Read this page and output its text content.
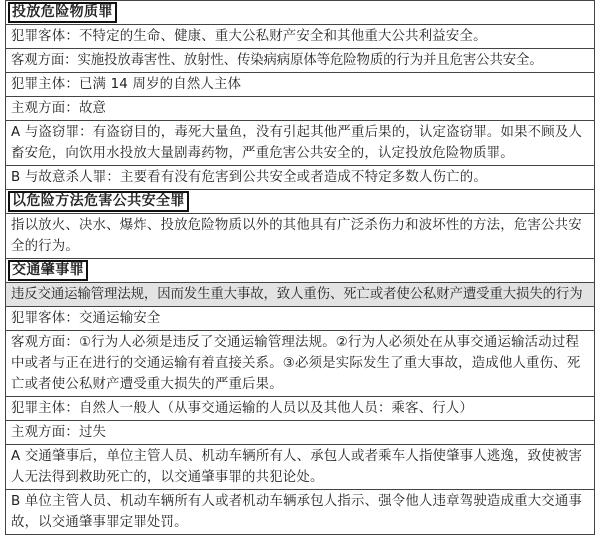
投放危险物质罪
犯罪客体：不特定的生命、健康、重大公私财产安全和其他重大公共利益安全。
客观方面：实施投放毒害性、放射性、传染病病原体等危险物质的行为并且危害公共安全。
犯罪主体：已满 14 周岁的自然人主体
主观方面：故意
A 与盗窃罪：有盗窃目的，毒死大量鱼，没有引起其他严重后果的，认定盗窃罪。如果不顾及人畜安危，向饮用水投放大量剧毒药物，严重危害公共安全的，认定投放危险物质罪。
B 与故意杀人罪：主要看有没有危害到公共安全或者造成不特定多数人伤亡的。
以危险方法危害公共安全罪
指以放火、决水、爆炸、投放危险物质以外的其他具有广泛杀伤力和波坏性的方法，危害公共安全的行为。
交通肇事罪
违反交通运输管理法规，因而发生重大事故，致人重伤、死亡或者使公私财产遭受重大损失的行为
犯罪客体：交通运输安全
客观方面：①行为人必须是违反了交通运输管理法规。②行为人必须处在从事交通运输活动过程中或者与正在进行的交通运输有着直接关系。③必须是实际发生了重大事故，造成他人重伤、死亡或者使公私财产遭受重大损失的严重后果。
犯罪主体：自然人一般人（从事交通运输的人员以及其他人员：乘客、行人）
主观方面：过失
A 交通肇事后，单位主管人员、机动车辆所有人、承包人或者乘车人指使肇事人逃逸，致使被害人无法得到救助死亡的，以交通肇事罪的共犯论处。
B 单位主管人员、机动车辆所有人或者机动车辆承包人指示、强令他人违章驾驶造成重大交通事故，以交通肇事罪定罪处罚。
